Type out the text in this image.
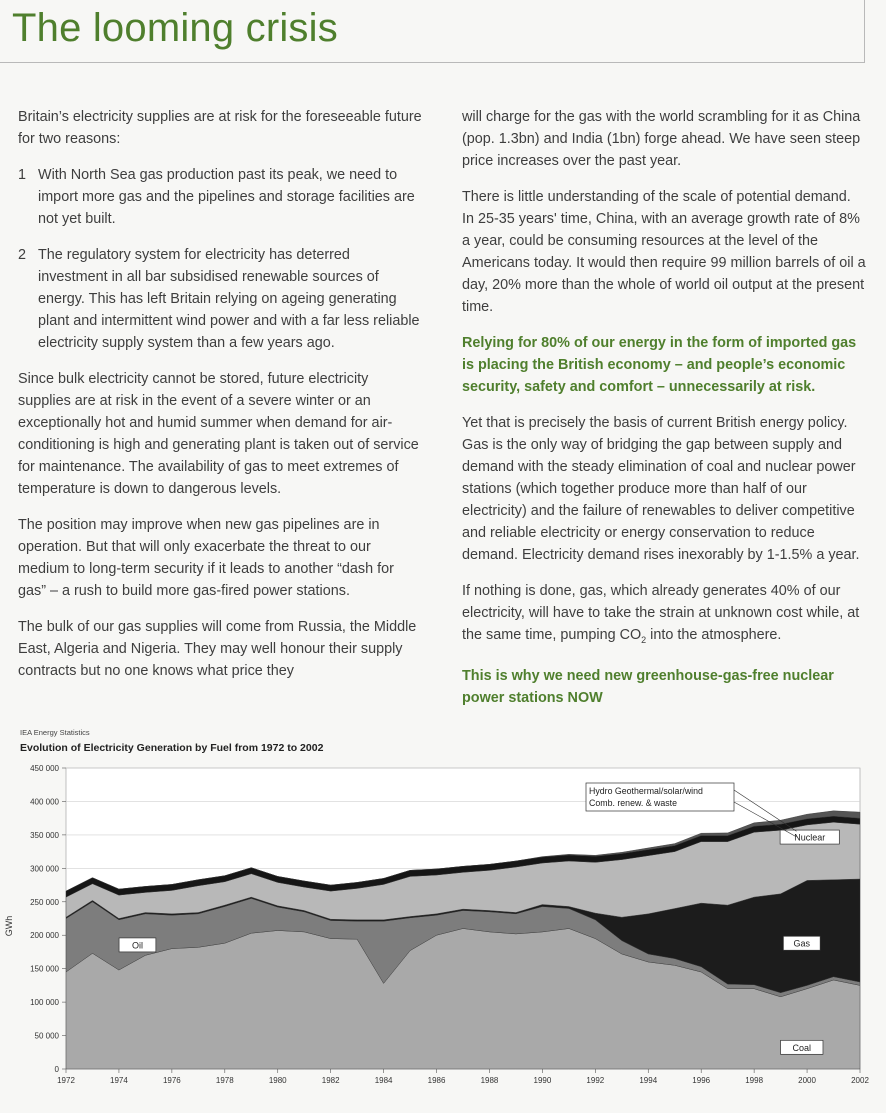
The looming crisis

Britain’s electricity supplies are at risk for the foreseeable future for two reasons:

1 With North Sea gas production past its peak, we need to import more gas and the pipelines and storage facilities are not yet built.
2 The regulatory system for electricity has deterred investment in all bar subsidised renewable sources of energy. This has left Britain relying on ageing generating plant and intermittent wind power and with a far less reliable electricity supply system than a few years ago.

Since bulk electricity cannot be stored, future electricity supplies are at risk in the event of a severe winter or an exceptionally hot and humid summer when demand for air-conditioning is high and generating plant is taken out of service for maintenance. The availability of gas to meet extremes of temperature is down to dangerous levels.

The position may improve when new gas pipelines are in operation. But that will only exacerbate the threat to our medium to long-term security if it leads to another “dash for gas” – a rush to build more gas-fired power stations.

The bulk of our gas supplies will come from Russia, the Middle East, Algeria and Nigeria. They may well honour their supply contracts but no one knows what price they

will charge for the gas with the world scrambling for it as China (pop. 1.3bn) and India (1bn) forge ahead. We have seen steep price increases over the past year.

There is little understanding of the scale of potential demand. In 25-35 years' time, China, with an average growth rate of 8% a year, could be consuming resources at the level of the Americans today. It would then require 99 million barrels of oil a day, 20% more than the whole of world oil output at the present time.

Relying for 80% of our energy in the form of imported gas is placing the British economy – and people’s economic security, safety and comfort – unnecessarily at risk.

Yet that is precisely the basis of current British energy policy. Gas is the only way of bridging the gap between supply and demand with the steady elimination of coal and nuclear power stations (which together produce more than half of our electricity) and the failure of renewables to deliver competitive and reliable electricity or energy conservation to reduce demand. Electricity demand rises inexorably by 1-1.5% a year.

If nothing is done, gas, which already generates 40% of our electricity, will have to take the strain at unknown cost while, at the same time, pumping $CO_2$ into the atmosphere.

This is why we need new greenhouse-gas-free nuclear power stations NOW

IEA Energy Statistics
Evolution of Electricity Generation by Fuel from 1972 to 2002
GWh
0
50 000
100 000
150 000
200 000
250 000
300 000
350 000
400 000
450 000
1972	1974	1976	1978	1980	1982	1984	1986	1988	1990	1992	1994	1996	1998	2000	2002
Oil	Gas
Nuclear
Coal
Hydro Geothermal/solar/wind
Comb. renew. & waste
